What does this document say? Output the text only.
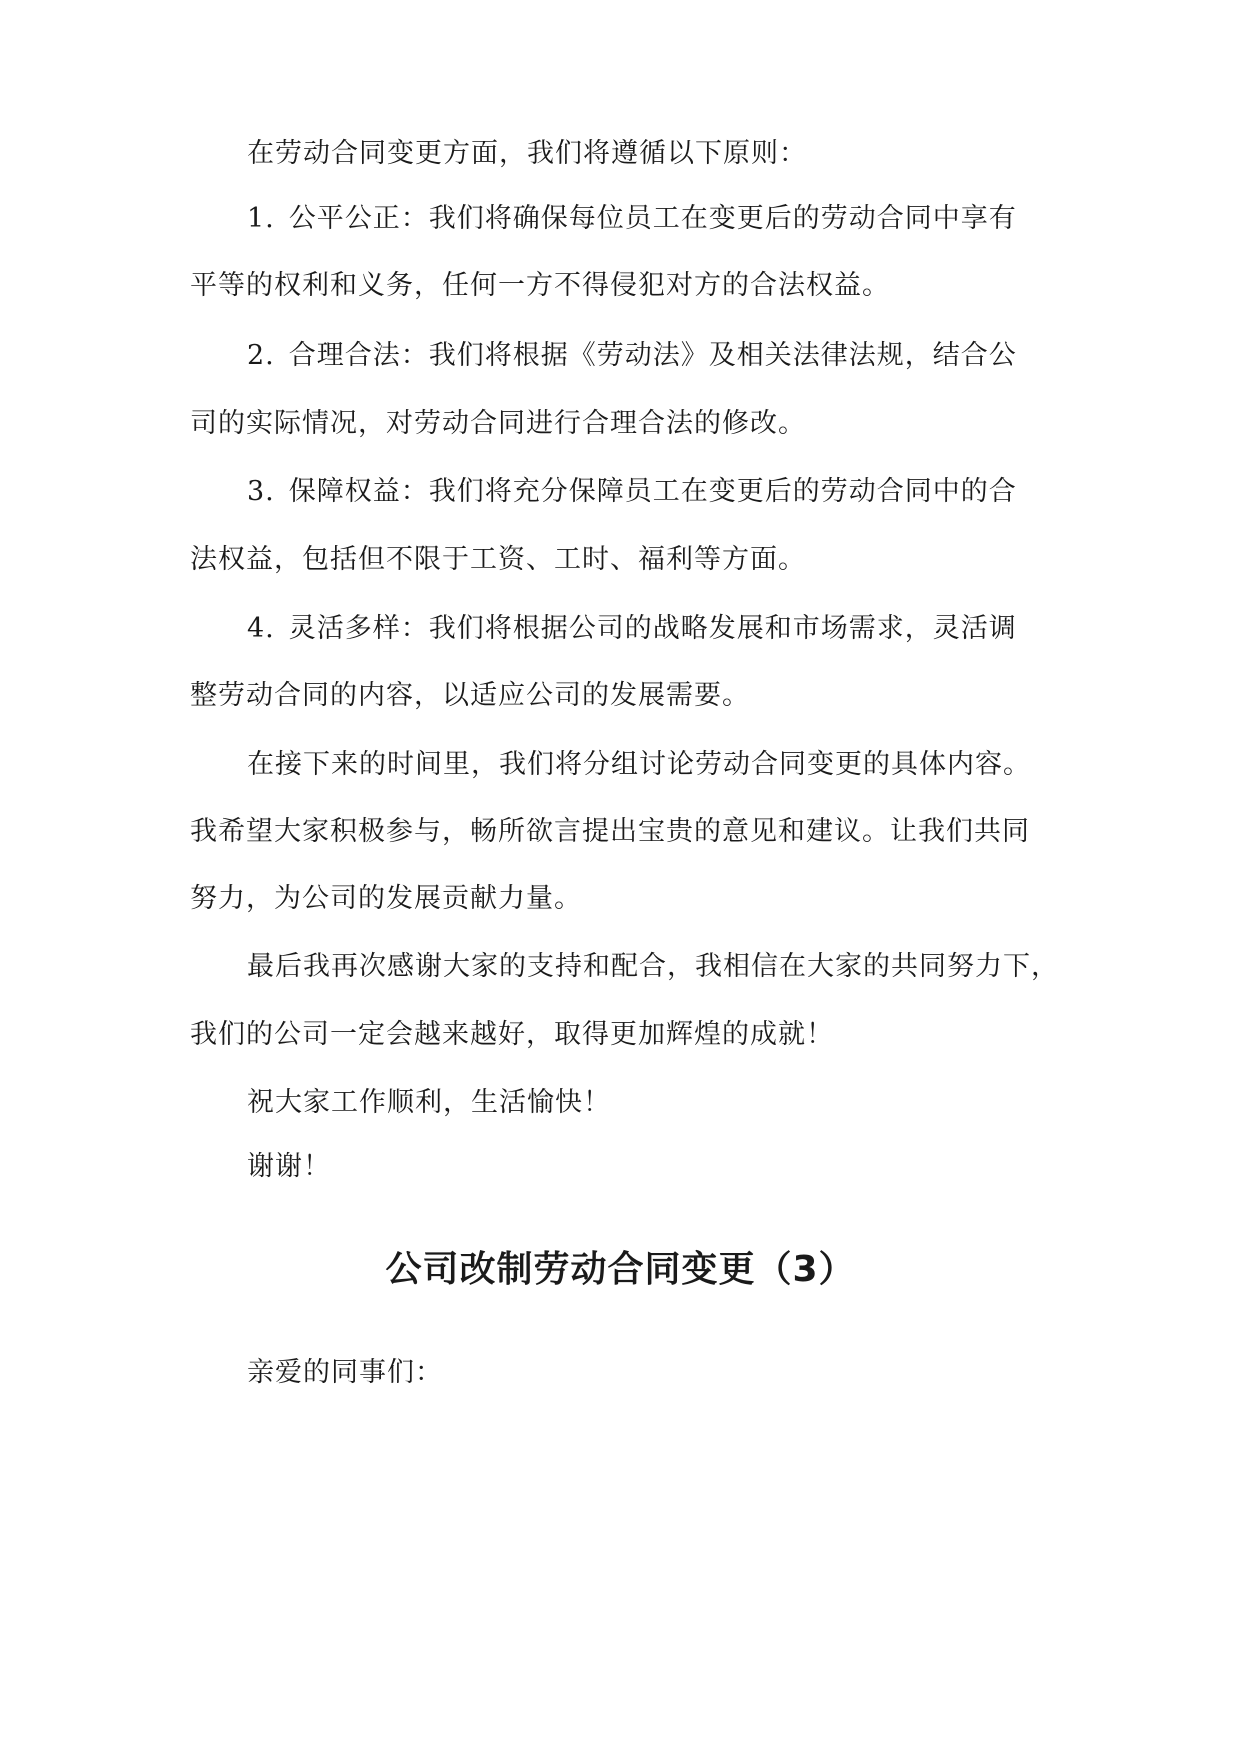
在劳动合同变更方面，我们将遵循以下原则：
1. 公平公正：我们将确保每位员工在变更后的劳动合同中享有
平等的权利和义务，任何一方不得侵犯对方的合法权益。
2. 合理合法：我们将根据《劳动法》及相关法律法规，结合公
司的实际情况，对劳动合同进行合理合法的修改。
3. 保障权益：我们将充分保障员工在变更后的劳动合同中的合
法权益，包括但不限于工资、工时、福利等方面。
4. 灵活多样：我们将根据公司的战略发展和市场需求，灵活调
整劳动合同的内容，以适应公司的发展需要。
在接下来的时间里，我们将分组讨论劳动合同变更的具体内容。
我希望大家积极参与，畅所欲言提出宝贵的意见和建议。让我们共同
努力，为公司的发展贡献力量。
最后我再次感谢大家的支持和配合，我相信在大家的共同努力下，
我们的公司一定会越来越好，取得更加辉煌的成就！
祝大家工作顺利，生活愉快！
谢谢！
公司改制劳动合同变更（3）
亲爱的同事们：
